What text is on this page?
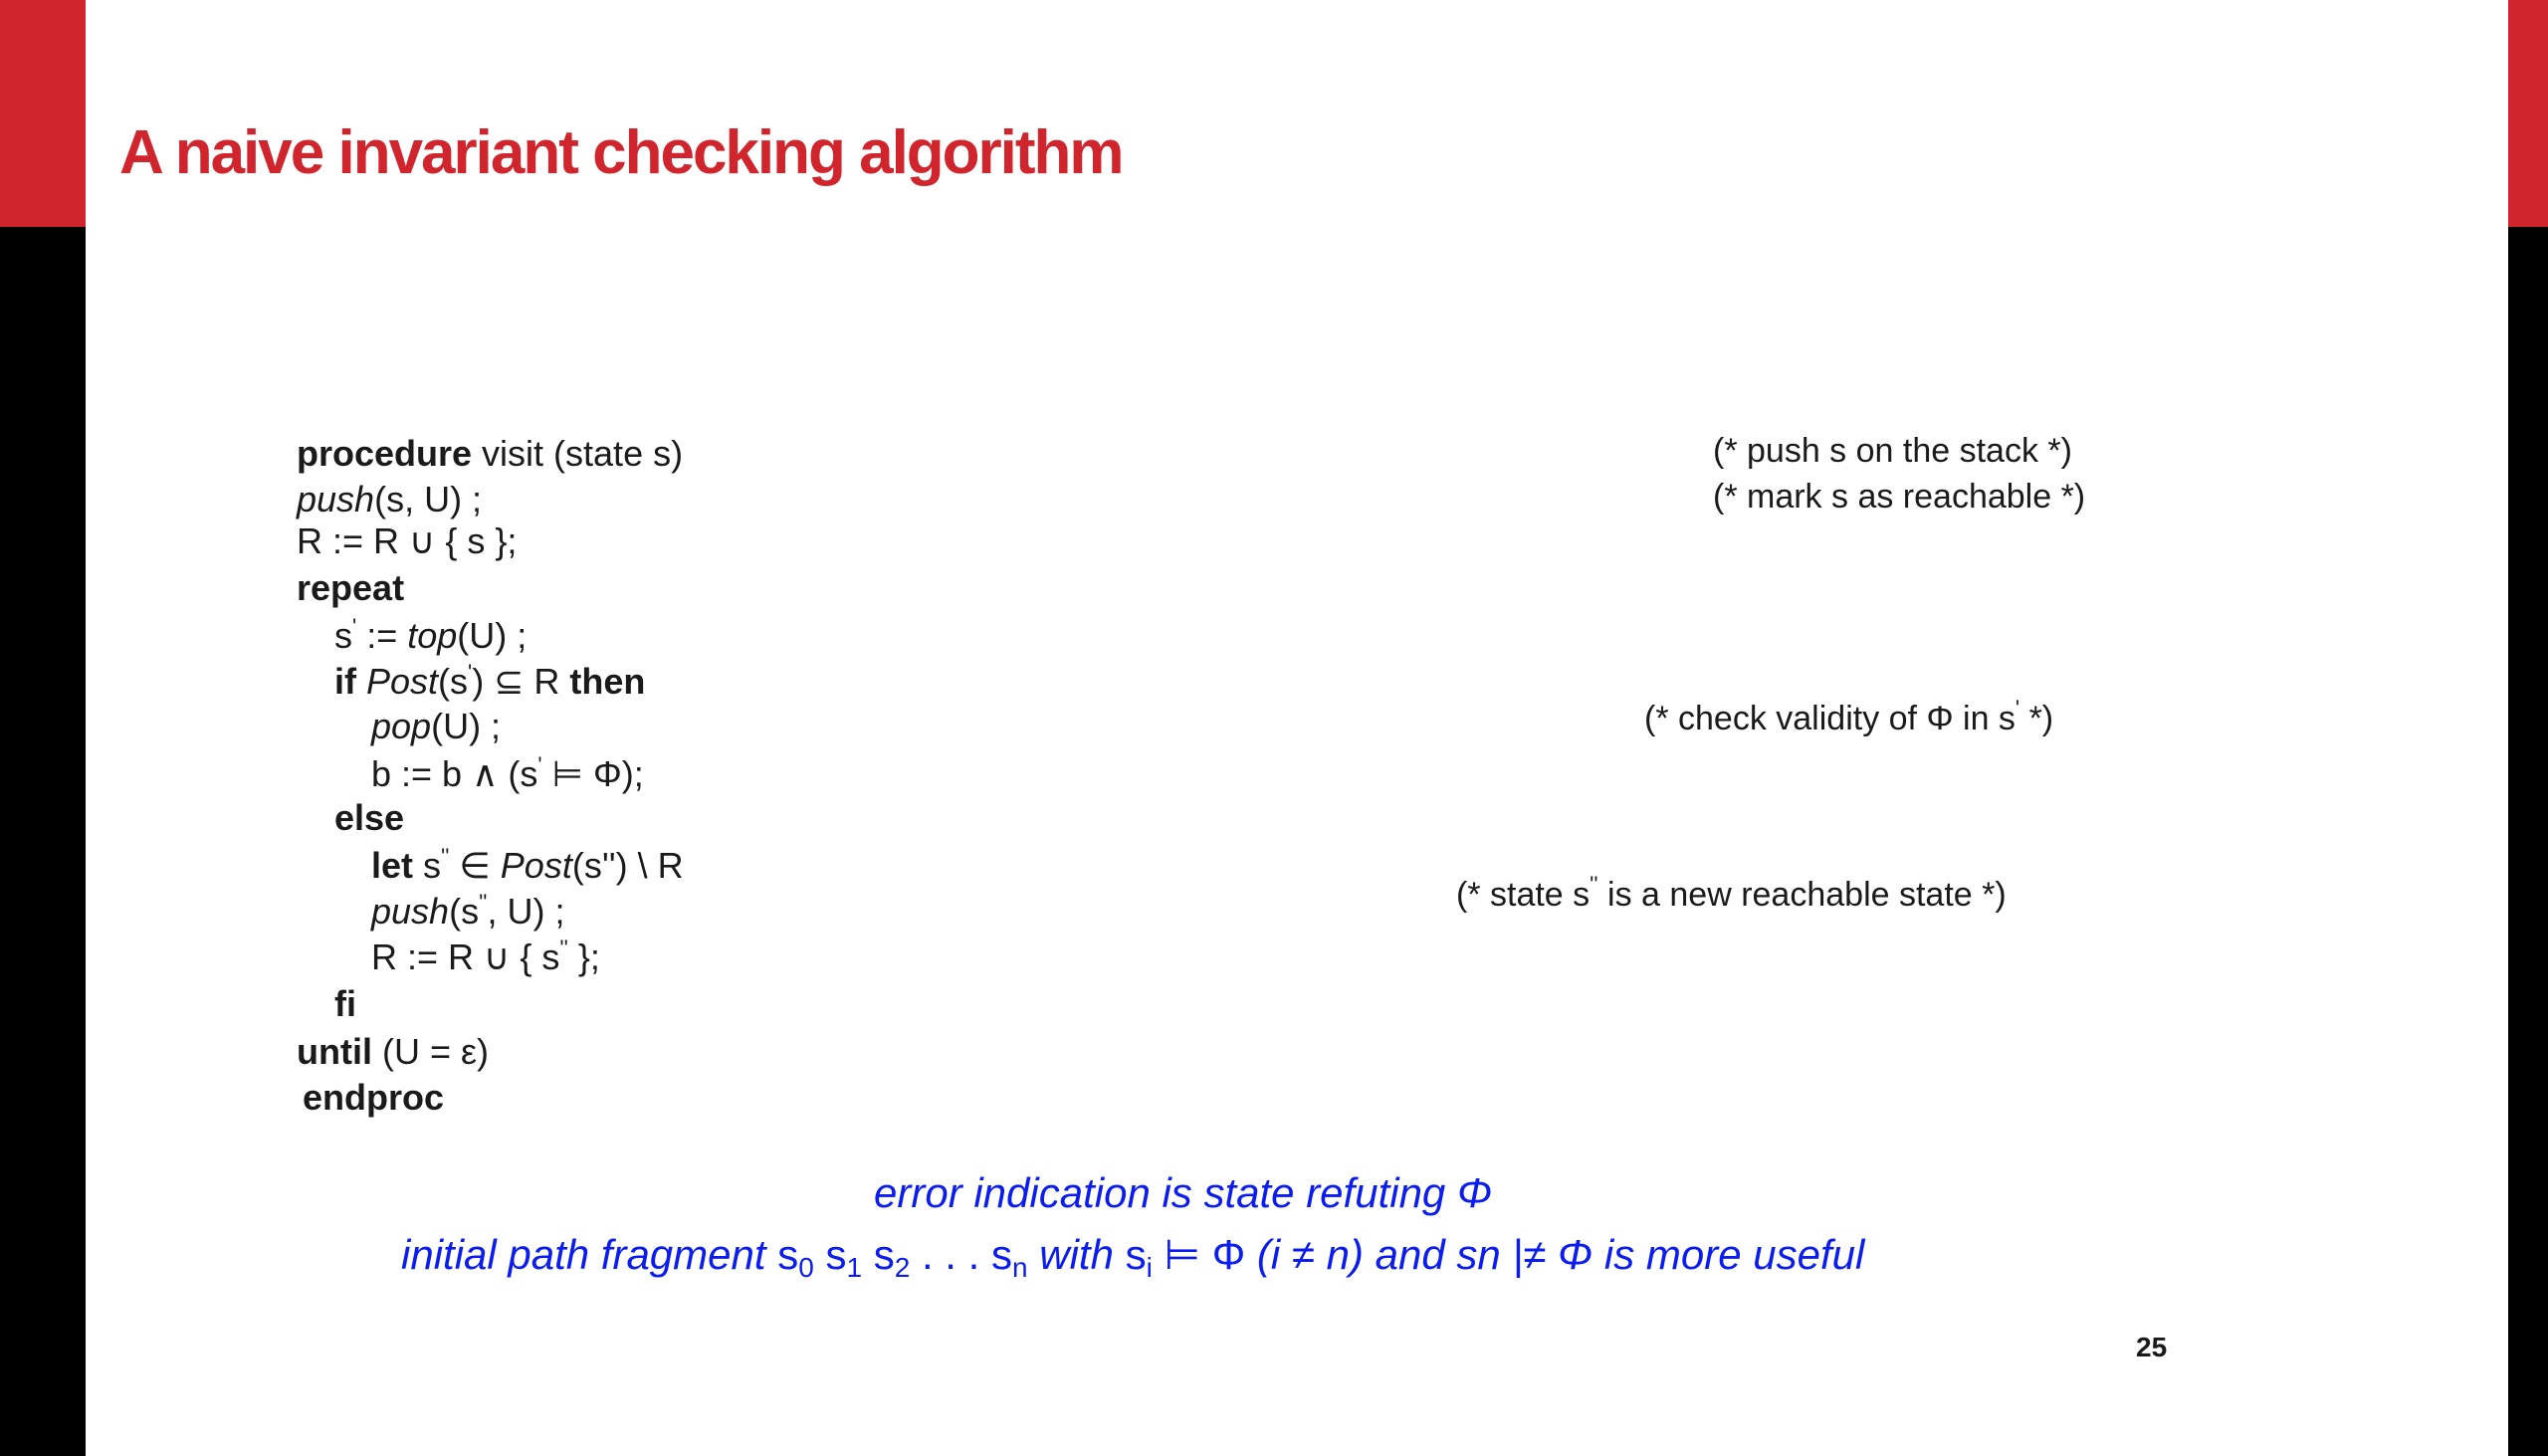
A naive invariant checking algorithm
procedure visit (state s)
push(s, U) ;
R := R ∪ { s };
repeat
s' := top(U) ;
if Post(s') ⊆ R then
pop(U) ;
b := b ∧ (s' ⊨ Φ);
else
let s'' ∈ Post(s'') \ R
push(s'', U) ;
R := R ∪ { s'' };
fi
until (U = ε)
endproc
(* push s on the stack *)
(* mark s as reachable *)
(* check validity of Φ in s' *)
(* state s'' is a new reachable state *)
error indication is state refuting Φ
initial path fragment $s_0$ $s_1$ $s_2$ . . . $s_n$ with $s_i$ ⊨ Φ (i ≠ n) and sn |≠ Φ is more useful
25
